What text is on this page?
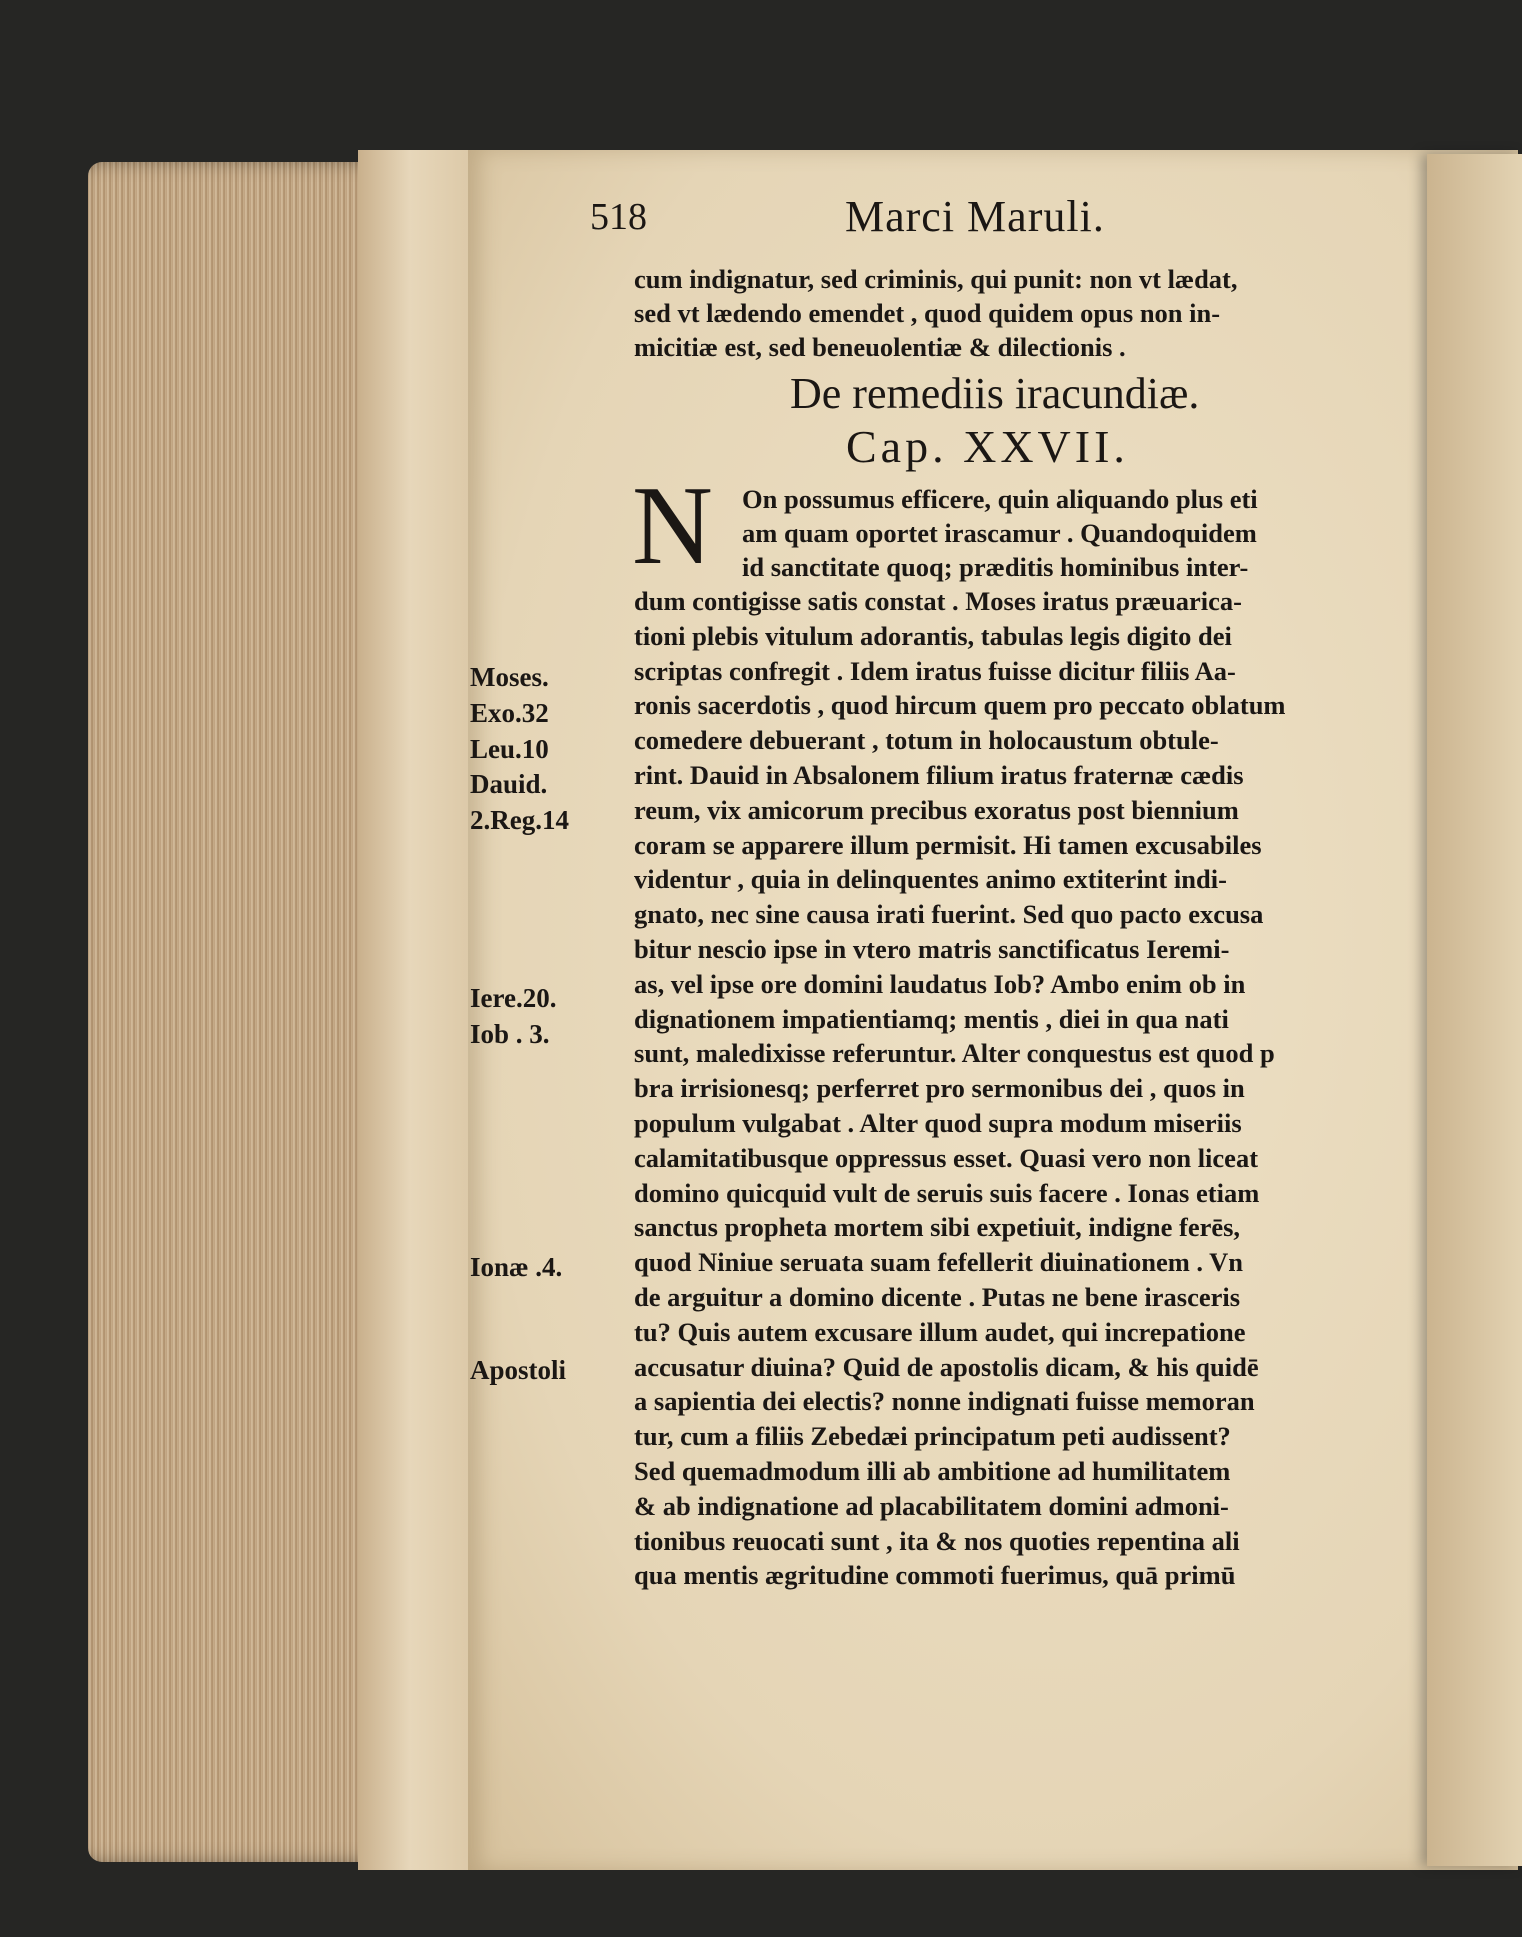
518	Marci Maruli.
cum indignatur, sed criminis, qui punit: non vt lædat,
sed vt lædendo emendet , quod quidem opus non in-
micitiæ est, sed beneuolentiæ & dilectionis .
De remediis iracundiæ.
Cap. XXVII.
N On possumus efficere, quin aliquando plus eti
am quam oportet irascamur . Quandoquidem
id sanctitate quoq; præditis hominibus inter-
dum contigisse satis constat . Moses iratus præuarica-
tioni plebis vitulum adorantis, tabulas legis digito dei
scriptas confregit . Idem iratus fuisse dicitur filiis Aa-
ronis sacerdotis , quod hircum quem pro peccato oblatum
comedere debuerant , totum in holocaustum obtule-
rint. Dauid in Absalonem filium iratus fraternæ cædis
reum, vix amicorum precibus exoratus post biennium
coram se apparere illum permisit. Hi tamen excusabiles
videntur , quia in delinquentes animo extiterint indi-
gnato, nec sine causa irati fuerint. Sed quo pacto excusa
bitur nescio ipse in vtero matris sanctificatus Ieremi-
as, vel ipse ore domini laudatus Iob? Ambo enim ob in
dignationem impatientiamq; mentis , diei in qua nati
sunt, maledixisse referuntur. Alter conquestus est quod p
bra irrisionesq; perferret pro sermonibus dei , quos in
populum vulgabat . Alter quod supra modum miseriis
calamitatibusque oppressus esset. Quasi vero non liceat
domino quicquid vult de seruis suis facere . Ionas etiam
sanctus propheta mortem sibi expetiuit, indigne ferēs,
quod Niniue seruata suam fefellerit diuinationem . Vn
de arguitur a domino dicente . Putas ne bene irasceris
tu? Quis autem excusare illum audet, qui increpatione
accusatur diuina? Quid de apostolis dicam, & his quidē
a sapientia dei electis? nonne indignati fuisse memoran
tur, cum a filiis Zebedæi principatum peti audissent?
Sed quemadmodum illi ab ambitione ad humilitatem
& ab indignatione ad placabilitatem domini admoni-
tionibus reuocati sunt , ita & nos quoties repentina ali
qua mentis ægritudine commoti fuerimus, quā primū
Moses.
Exo.32
Leu.10
Dauid.
2.Reg.14
Iere.20.
Iob . 3.
Ionæ .4.
Apostoli
